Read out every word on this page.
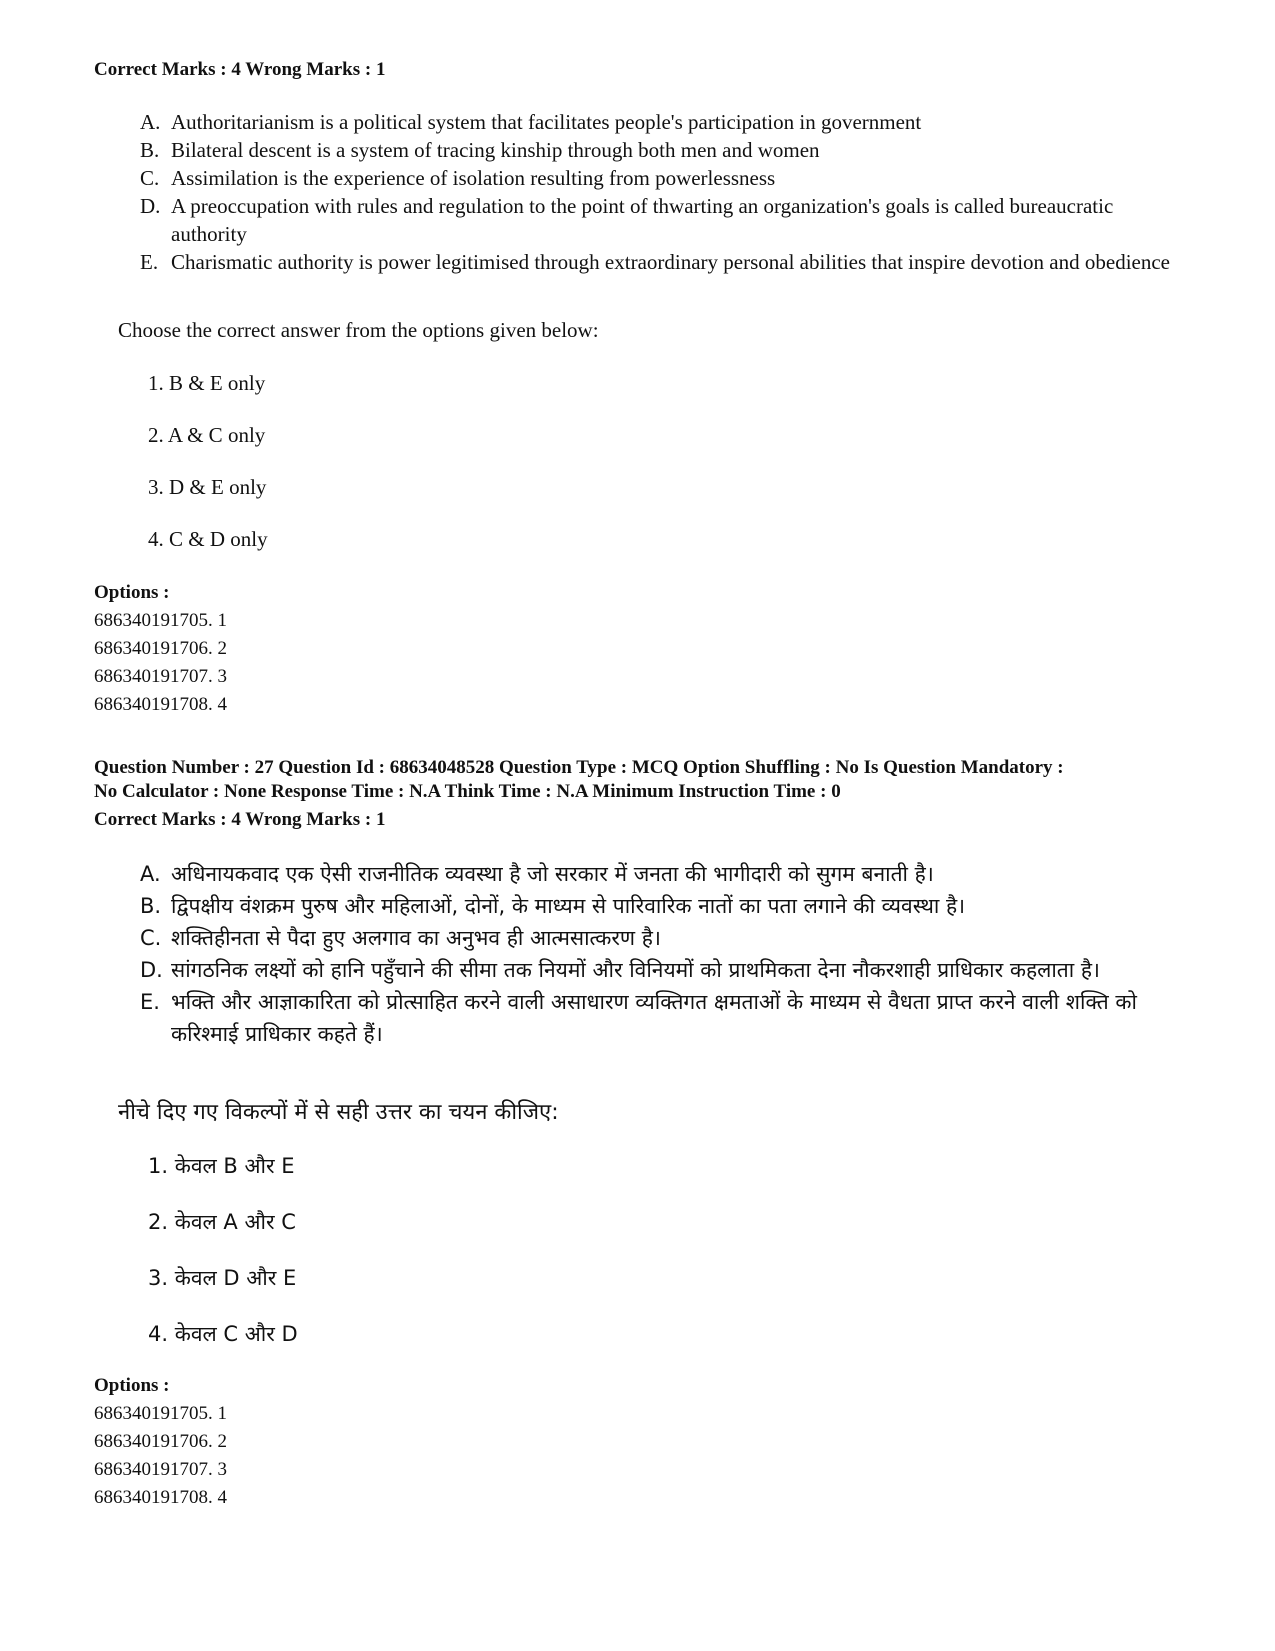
Correct Marks : 4 Wrong Marks : 1

A. Authoritarianism is a political system that facilitates people's participation in government
B. Bilateral descent is a system of tracing kinship through both men and women
C. Assimilation is the experience of isolation resulting from powerlessness
D. A preoccupation with rules and regulation to the point of thwarting an organization's goals is called bureaucratic authority
E. Charismatic authority is power legitimised through extraordinary personal abilities that inspire devotion and obedience
Choose the correct answer from the options given below:
1. B & E only
2. A & C only
3. D & E only
4. C & D only
Options :
686340191705. 1
686340191706. 2
686340191707. 3
686340191708. 4

Question Number : 27 Question Id : 68634048528 Question Type : MCQ Option Shuffling : No Is Question Mandatory :

No Calculator : None Response Time : N.A Think Time : N.A Minimum Instruction Time : 0

Correct Marks : 4 Wrong Marks : 1

A. अधिनायकवाद एक ऐसी राजनीतिक व्यवस्था है जो सरकार में जनता की भागीदारी को सुगम बनाती है।
B. द्विपक्षीय वंशक्रम पुरुष और महिलाओं, दोनों, के माध्यम से पारिवारिक नातों का पता लगाने की व्यवस्था है।
C. शक्तिहीनता से पैदा हुए अलगाव का अनुभव ही आत्मसात्करण है।
D. सांगठनिक लक्ष्यों को हानि पहुँचाने की सीमा तक नियमों और विनियमों को प्राथमिकता देना नौकरशाही प्राधिकार कहलाता है।
E. भक्ति और आज्ञाकारिता को प्रोत्साहित करने वाली असाधारण व्यक्तिगत क्षमताओं के माध्यम से वैधता प्राप्त करने वाली शक्ति को करिश्माई प्राधिकार कहते हैं।
नीचे दिए गए विकल्पों में से सही उत्तर का चयन कीजिए:
1. केवल B और E
2. केवल A और C
3. केवल D और E
4. केवल C और D
Options :
686340191705. 1
686340191706. 2
686340191707. 3
686340191708. 4
